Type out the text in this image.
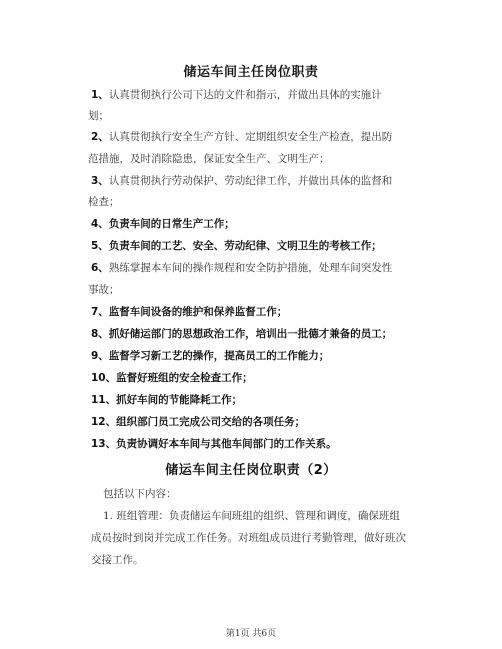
储运车间主任岗位职责
1、认真贯彻执行公司下达的文件和指示，并做出具体的实施计
划；
2、认真贯彻执行安全生产方针、定期组织安全生产检查，提出防
范措施，及时消除隐患，保证安全生产、文明生产；
3、认真贯彻执行劳动保护、劳动纪律工作，并做出具体的监督和
检查；
4、负责车间的日常生产工作；
5、负责车间的工艺、安全、劳动纪律、文明卫生的考核工作；
6、熟练掌握本车间的操作规程和安全防护措施，处理车间突发性
事故；
7、监督车间设备的维护和保养监督工作；
8、抓好储运部门的思想政治工作，培训出一批德才兼备的员工；
9、监督学习新工艺的操作，提高员工的工作能力；
10、监督好班组的安全检查工作；
11、抓好车间的节能降耗工作；
12、组织部门员工完成公司交给的各项任务；
13、负责协调好本车间与其他车间部门的工作关系。
储运车间主任岗位职责（2）
包括以下内容：
1. 班组管理：负责储运车间班组的组织、管理和调度，确保班组
成员按时到岗并完成工作任务。对班组成员进行考勤管理，做好班次
交接工作。
第1页 共6页
